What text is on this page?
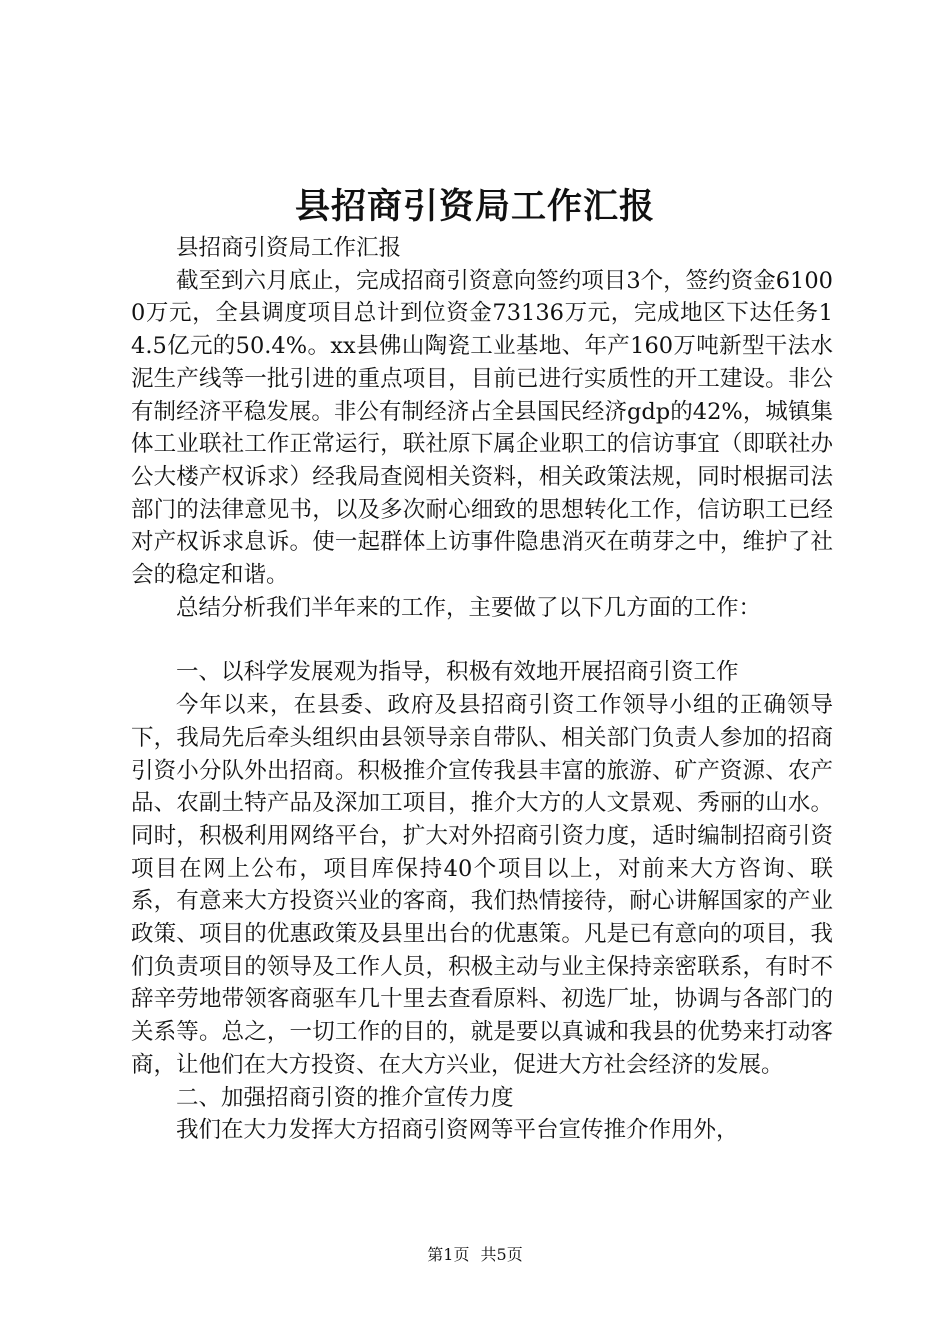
县招商引资局工作汇报

县招商引资局工作汇报

截至到六月底止，完成招商引资意向签约项目3个，签约资金61000万元，全县调度项目总计到位资金73136万元，完成地区下达任务14.5亿元的50.4%。xx县佛山陶瓷工业基地、年产160万吨新型干法水泥生产线等一批引进的重点项目，目前已进行实质性的开工建设。非公有制经济平稳发展。非公有制经济占全县国民经济gdp的42%，城镇集体工业联社工作正常运行，联社原下属企业职工的信访事宜（即联社办公大楼产权诉求）经我局查阅相关资料，相关政策法规，同时根据司法部门的法律意见书，以及多次耐心细致的思想转化工作，信访职工已经对产权诉求息诉。使一起群体上访事件隐患消灭在萌芽之中，维护了社会的稳定和谐。

总结分析我们半年来的工作，主要做了以下几方面的工作：

一、以科学发展观为指导，积极有效地开展招商引资工作

今年以来，在县委、政府及县招商引资工作领导小组的正确领导下，我局先后牵头组织由县领导亲自带队、相关部门负责人参加的招商引资小分队外出招商。积极推介宣传我县丰富的旅游、矿产资源、农产品、农副土特产品及深加工项目，推介大方的人文景观、秀丽的山水。同时，积极利用网络平台，扩大对外招商引资力度，适时编制招商引资项目在网上公布，项目库保持40个项目以上，对前来大方咨询、联系，有意来大方投资兴业的客商，我们热情接待，耐心讲解国家的产业政策、项目的优惠政策及县里出台的优惠策。凡是已有意向的项目，我们负责项目的领导及工作人员，积极主动与业主保持亲密联系，有时不辞辛劳地带领客商驱车几十里去查看原料、初选厂址，协调与各部门的关系等。总之，一切工作的目的，就是要以真诚和我县的优势来打动客商，让他们在大方投资、在大方兴业，促进大方社会经济的发展。

二、加强招商引资的推介宣传力度

我们在大力发挥大方招商引资网等平台宣传推介作用外，

第1页 共5页
